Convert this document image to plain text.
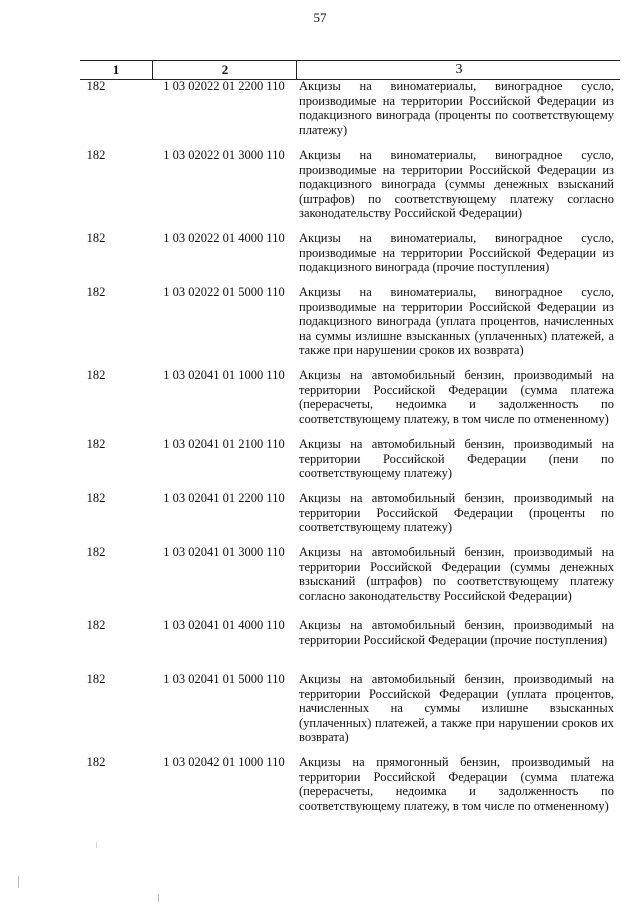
57
1	2	3
182	1 03 02022 01 2200 110	Акцизы на виноматериалы, виноградное сусло, производимые на территории Российской Федерации из подакцизного винограда (проценты по соответствующему платежу)
182	1 03 02022 01 3000 110	Акцизы на виноматериалы, виноградное сусло, производимые на территории Российской Федерации из подакцизного винограда (суммы денежных взысканий (штрафов) по соответствующему платежу согласно законодательству Российской Федерации)
182	1 03 02022 01 4000 110	Акцизы на виноматериалы, виноградное сусло, производимые на территории Российской Федерации из подакцизного винограда (прочие поступления)
182	1 03 02022 01 5000 110	Акцизы на виноматериалы, виноградное сусло, производимые на территории Российской Федерации из подакцизного винограда (уплата процентов, начисленных на суммы излишне взысканных (уплаченных) платежей, а также при нарушении сроков их возврата)
182	1 03 02041 01 1000 110	Акцизы на автомобильный бензин, производимый на территории Российской Федерации (сумма платежа (перерасчеты, недоимка и задолженность по соответствующему платежу, в том числе по отмененному)
182	1 03 02041 01 2100 110	Акцизы на автомобильный бензин, производимый на территории Российской Федерации (пени по соответствующему платежу)
182	1 03 02041 01 2200 110	Акцизы на автомобильный бензин, производимый на территории Российской Федерации (проценты по соответствующему платежу)
182	1 03 02041 01 3000 110	Акцизы на автомобильный бензин, производимый на территории Российской Федерации (суммы денежных взысканий (штрафов) по соответствующему платежу согласно законодательству Российской Федерации)
182	1 03 02041 01 4000 110	Акцизы на автомобильный бензин, производимый на территории Российской Федерации (прочие поступления)
182	1 03 02041 01 5000 110	Акцизы на автомобильный бензин, производимый на территории Российской Федерации (уплата процентов, начисленных на суммы излишне взысканных (уплаченных) платежей, а также при нарушении сроков их возврата)
182	1 03 02042 01 1000 110	Акцизы на прямогонный бензин, производимый на территории Российской Федерации (сумма платежа (перерасчеты, недоимка и задолженность по соответствующему платежу, в том числе по отмененному)
